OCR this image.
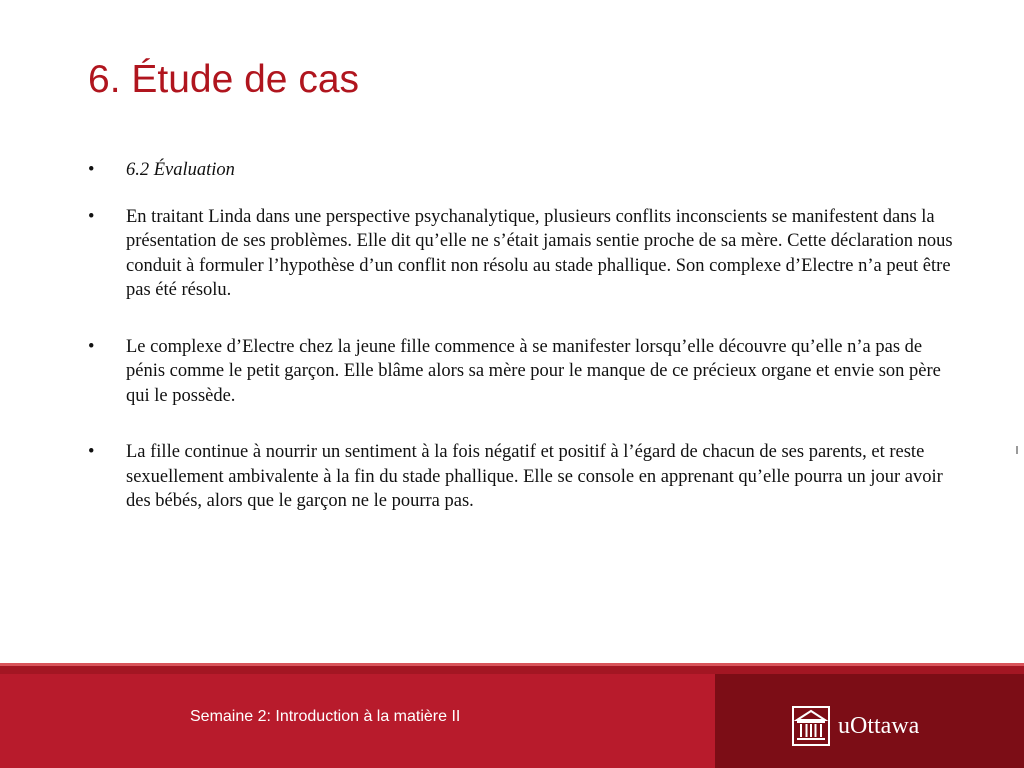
6. Étude de cas
•	6.2 Évaluation
•	En traitant Linda dans une perspective psychanalytique, plusieurs conflits inconscients se manifestent dans la présentation de ses problèmes. Elle dit qu’elle ne s’était jamais sentie proche de sa mère. Cette déclaration nous conduit à formuler l’hypothèse d’un conflit non résolu au stade phallique. Son complexe d’Electre n’a peut être pas été résolu.
•	Le complexe d’Electre chez la jeune fille commence à se manifester lorsqu’elle découvre qu’elle n’a pas de pénis comme le petit garçon. Elle blâme alors sa mère pour le manque de ce précieux organe et envie son père qui le possède.
•	La fille continue à nourrir un sentiment à la fois négatif et positif à l’égard de chacun de ses parents, et reste sexuellement ambivalente à la fin du stade phallique. Elle se console en apprenant qu’elle pourra un jour avoir des bébés, alors que le garçon ne le pourra pas.
Semaine 2: Introduction à la matière II	uOttawa
